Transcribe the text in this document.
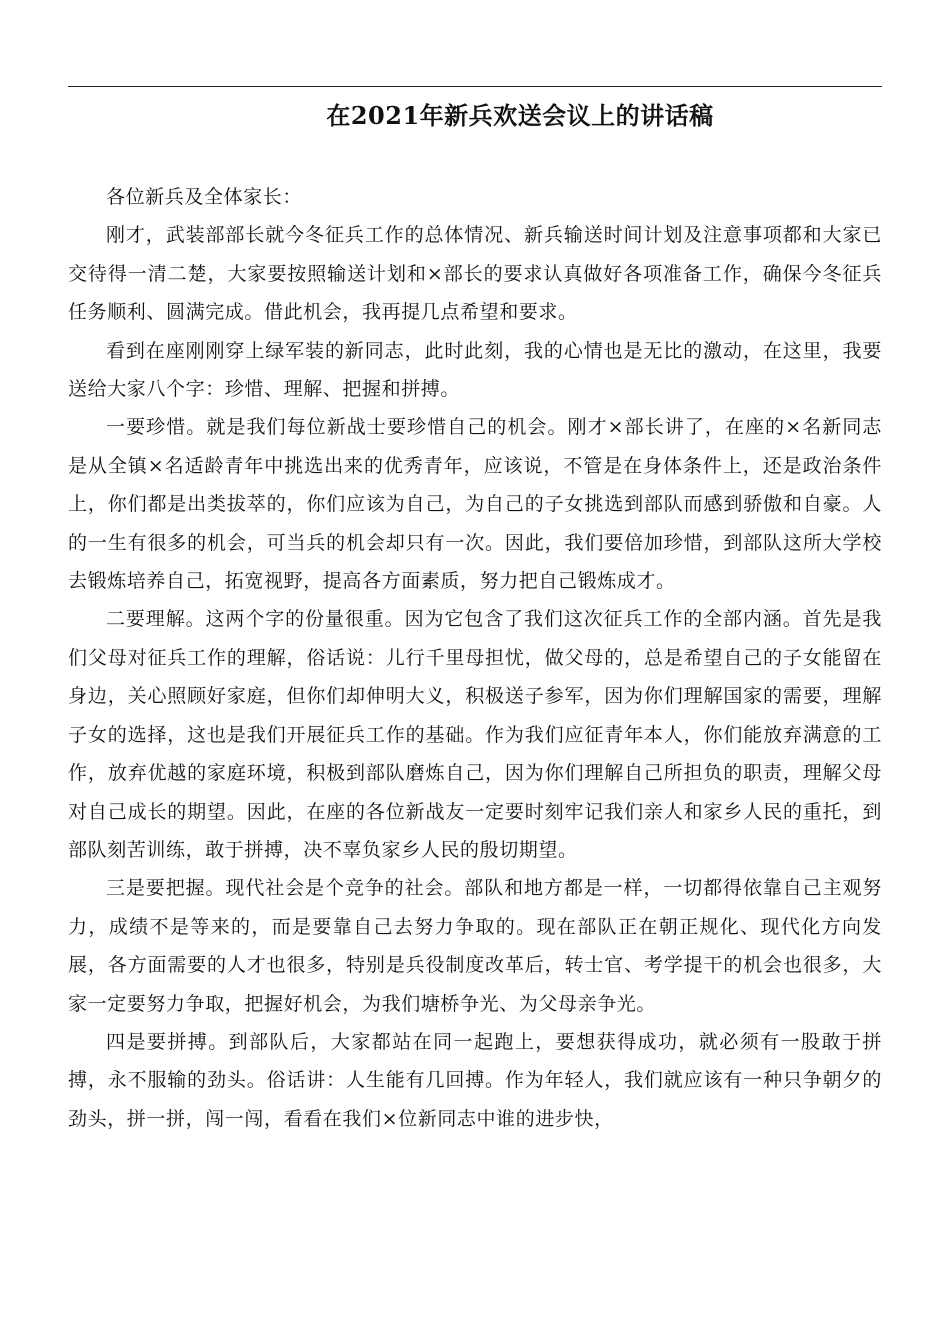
在2021年新兵欢送会议上的讲话稿

各位新兵及全体家长：

刚才，武装部部长就今冬征兵工作的总体情况、新兵输送时间计划及注意事项都和大家已交待得一清二楚，大家要按照输送计划和×部长的要求认真做好各项准备工作，确保今冬征兵任务顺利、圆满完成。借此机会，我再提几点希望和要求。

看到在座刚刚穿上绿军装的新同志，此时此刻，我的心情也是无比的激动，在这里，我要送给大家八个字：珍惜、理解、把握和拼搏。

一要珍惜。就是我们每位新战士要珍惜自己的机会。刚才×部长讲了，在座的×名新同志是从全镇×名适龄青年中挑选出来的优秀青年，应该说，不管是在身体条件上，还是政治条件上，你们都是出类拔萃的，你们应该为自己，为自己的子女挑选到部队而感到骄傲和自豪。人的一生有很多的机会，可当兵的机会却只有一次。因此，我们要倍加珍惜，到部队这所大学校去锻炼培养自己，拓宽视野，提高各方面素质，努力把自己锻炼成才。

二要理解。这两个字的份量很重。因为它包含了我们这次征兵工作的全部内涵。首先是我们父母对征兵工作的理解，俗话说：儿行千里母担忧，做父母的，总是希望自己的子女能留在身边，关心照顾好家庭，但你们却伸明大义，积极送子参军，因为你们理解国家的需要，理解子女的选择，这也是我们开展征兵工作的基础。作为我们应征青年本人，你们能放弃满意的工作，放弃优越的家庭环境，积极到部队磨炼自己，因为你们理解自己所担负的职责，理解父母对自己成长的期望。因此，在座的各位新战友一定要时刻牢记我们亲人和家乡人民的重托，到部队刻苦训练，敢于拼搏，决不辜负家乡人民的殷切期望。

三是要把握。现代社会是个竞争的社会。部队和地方都是一样，一切都得依靠自己主观努力，成绩不是等来的，而是要靠自己去努力争取的。现在部队正在朝正规化、现代化方向发展，各方面需要的人才也很多，特别是兵役制度改革后，转士官、考学提干的机会也很多，大家一定要努力争取，把握好机会，为我们塘桥争光、为父母亲争光。

四是要拼搏。到部队后，大家都站在同一起跑上，要想获得成功，就必须有一股敢于拼搏，永不服输的劲头。俗话讲：人生能有几回搏。作为年轻人，我们就应该有一种只争朝夕的劲头，拼一拼，闯一闯，看看在我们×位新同志中谁的进步快，
